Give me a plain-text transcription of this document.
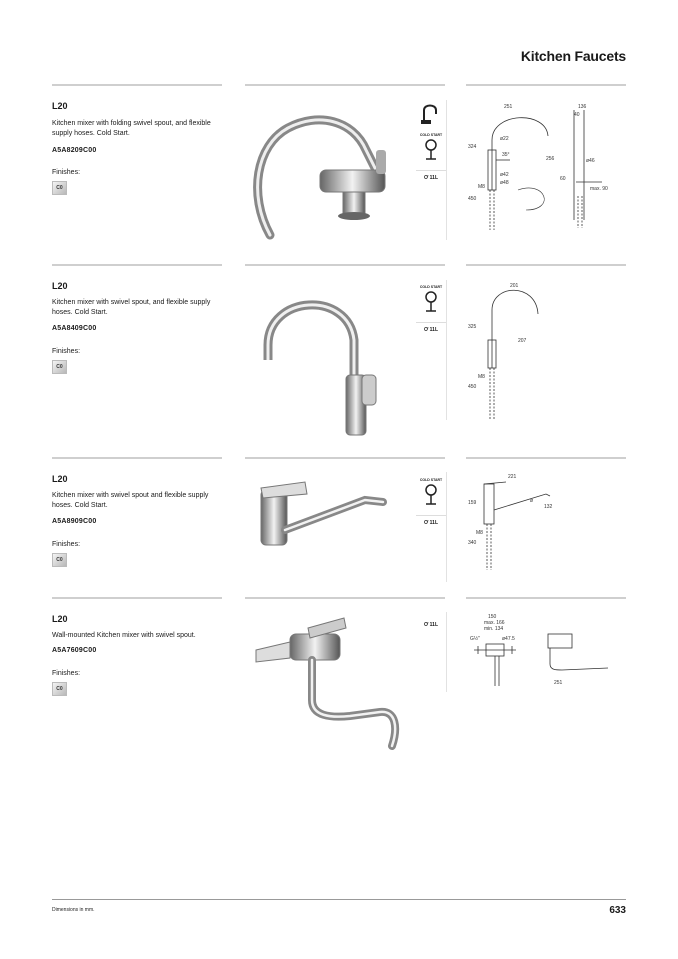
Kitchen Faucets
L20
Kitchen mixer with folding swivel spout, and flexible supply hoses. Cold Start.
A5A8209C00
Finishes:
C0
COLD START
Ơ 11L
251	136
40
324
ø22
35°
256
ø42
ø48
M8
450
60
ø46
max. 90
L20
Kitchen mixer with swivel spout, and flexible supply hoses. Cold Start.
A5A8409C00
Finishes:
C0
COLD START
Ơ 11L
201
325
207
M8
450
L20
Kitchen mixer with swivel spout and flexible supply hoses. Cold Start.
A5A8909C00
Finishes:
C0
COLD START
Ơ 11L
221
159
132
ø
M8
340
L20
Wall-mounted Kitchen mixer with swivel spout.
A5A7609C00
Finishes:
C0
Ơ 11L
150
max. 166
min. 134
G½"	ø47.5
251
Dimensions in mm.	633
